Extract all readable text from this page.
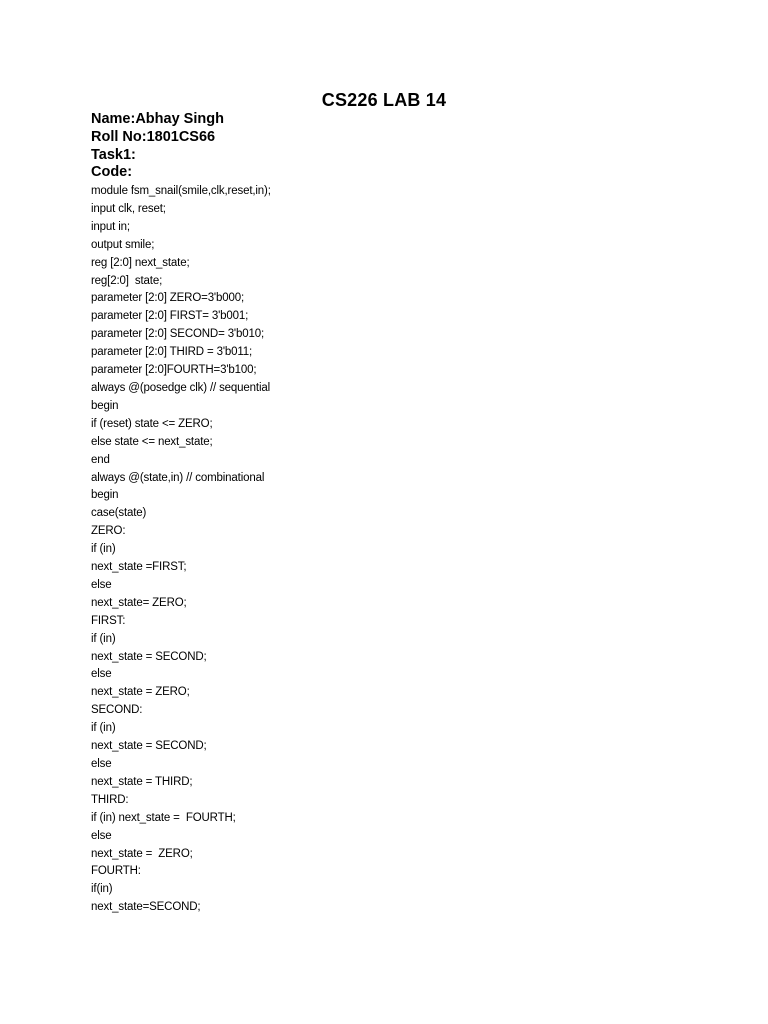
CS226 LAB 14
Name:Abhay Singh
Roll No:1801CS66
Task1:
Code:
module fsm_snail(smile,clk,reset,in);
input clk, reset;
input in;
output smile;
reg [2:0] next_state;
reg[2:0]  state;
parameter [2:0] ZERO=3'b000;
parameter [2:0] FIRST= 3'b001;
parameter [2:0] SECOND= 3'b010;
parameter [2:0] THIRD = 3'b011;
parameter [2:0]FOURTH=3'b100;
always @(posedge clk) // sequential
begin
if (reset) state <= ZERO;
else state <= next_state;
end
always @(state,in) // combinational
begin
case(state)
ZERO:
if (in)
next_state =FIRST;
else
next_state= ZERO;
FIRST:
if (in)
next_state = SECOND;
else
next_state = ZERO;
SECOND:
if (in)
next_state = SECOND;
else
next_state = THIRD;
THIRD:
if (in) next_state =  FOURTH;
else
next_state =  ZERO;
FOURTH:
if(in)
next_state=SECOND;
